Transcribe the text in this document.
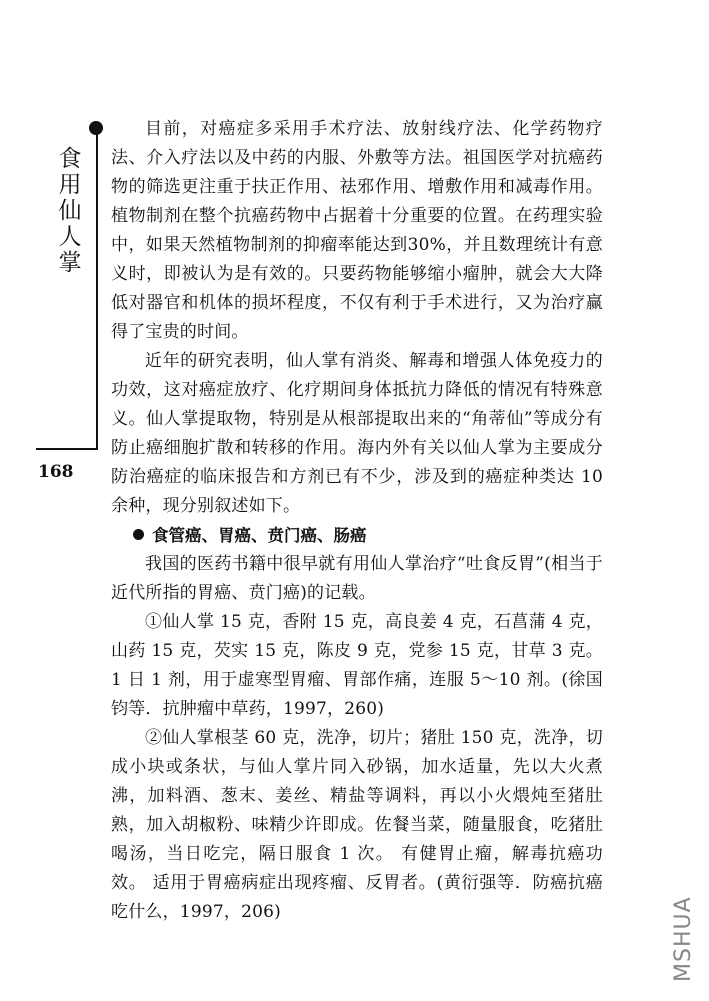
食用仙人掌
168

目前，对癌症多采用手术疗法、放射线疗法、化学药物疗法、介入疗法以及中药的内服、外敷等方法。祖国医学对抗癌药物的筛选更注重于扶正作用、祛邪作用、增敷作用和减毒作用。植物制剂在整个抗癌药物中占据着十分重要的位置。在药理实验中，如果天然植物制剂的抑瘤率能达到30%，并且数理统计有意义时，即被认为是有效的。只要药物能够缩小瘤肿，就会大大降低对器官和机体的损坏程度，不仅有利于手术进行，又为治疗赢得了宝贵的时间。

近年的研究表明，仙人掌有消炎、解毒和增强人体免疫力的功效，这对癌症放疗、化疗期间身体抵抗力降低的情况有特殊意义。仙人掌提取物，特别是从根部提取出来的“角蒂仙”等成分有防止癌细胞扩散和转移的作用。海内外有关以仙人掌为主要成分防治癌症的临床报告和方剂已有不少，涉及到的癌症种类达 10 余种，现分别叙述如下。

食管癌、胃癌、贲门癌、肠癌

我国的医药书籍中很早就有用仙人掌治疗“吐食反胃”(相当于近代所指的胃癌、贲门癌)的记载。

①仙人掌 15 克，香附 15 克，高良姜 4 克，石菖蒲 4 克，山药 15 克，芡实 15 克，陈皮 9 克，党参 15 克，甘草 3 克。1 日 1 剂，用于虚寒型胃瘤、胃部作痛，连服 5～10 剂。(徐国钧等．抗肿瘤中草药，1997，260)

②仙人掌根茎 60 克，洗净，切片；猪肚 150 克，洗净，切成小块或条状，与仙人掌片同入砂锅，加水适量，先以大火煮沸，加料酒、葱末、姜丝、精盐等调料，再以小火煨炖至猪肚熟，加入胡椒粉、味精少许即成。佐餐当菜，随量服食，吃猪肚喝汤，当日吃完，隔日服食 1 次。 有健胃止瘤，解毒抗癌功效。 适用于胃癌病症出现疼瘤、反胃者。(黄衍强等．防癌抗癌吃什么，1997，206)	MSHUA
